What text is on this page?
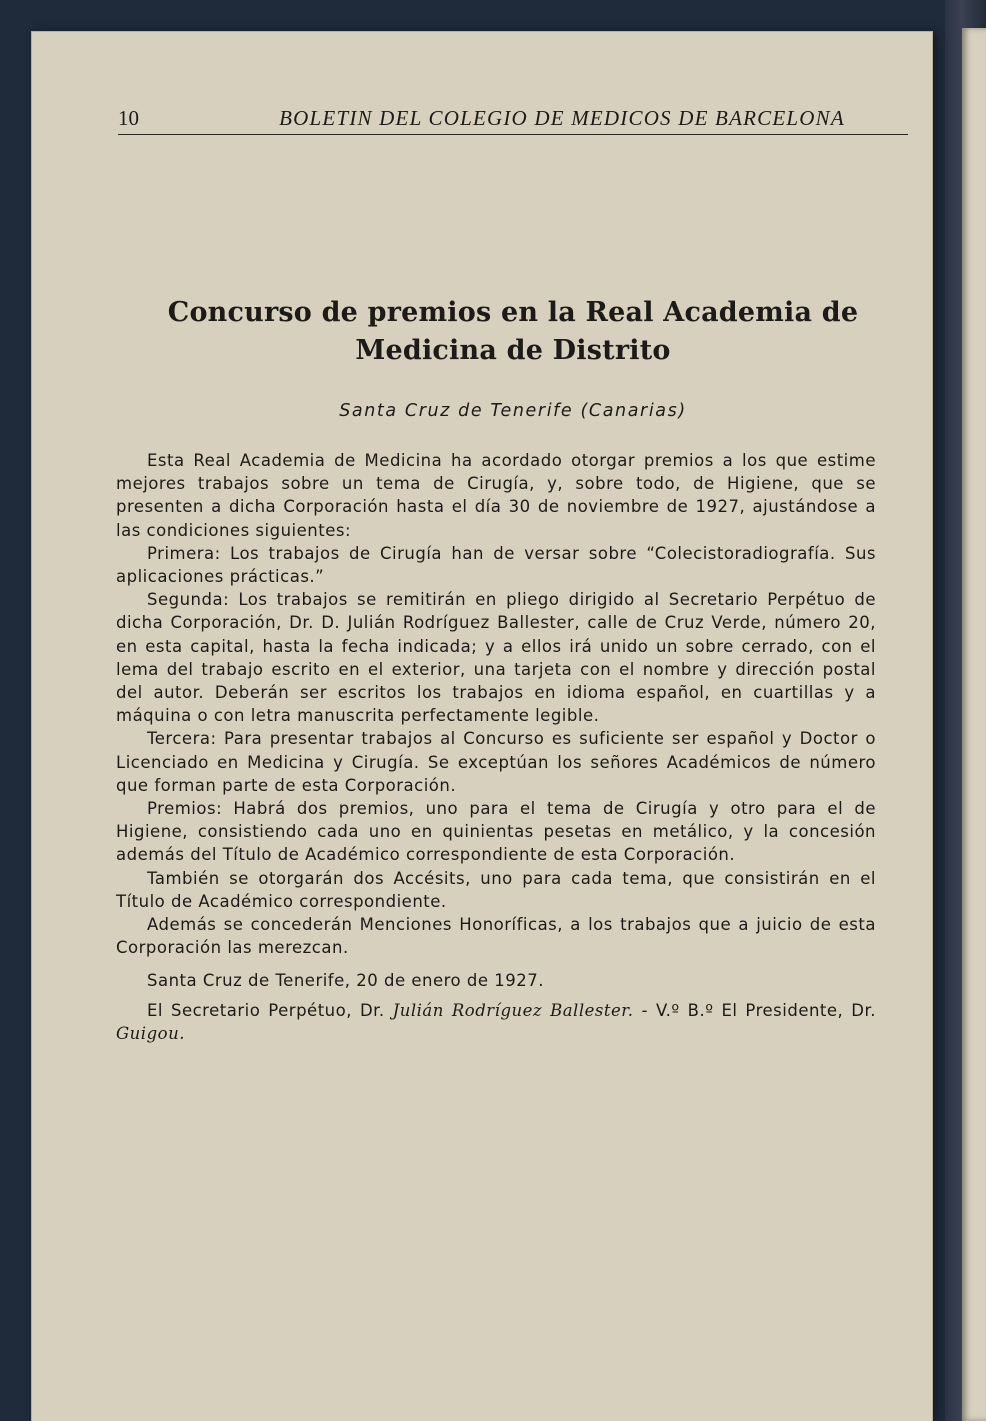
10	BOLETIN DEL COLEGIO DE MEDICOS DE BARCELONA
Concurso de premios en la Real Academia de
Medicina de Distrito
Santa Cruz de Tenerife (Canarias)

Esta Real Academia de Medicina ha acordado otorgar premios a los que estime mejores trabajos sobre un tema de Cirugía, y, sobre todo, de Higiene, que se presenten a dicha Corporación hasta el día 30 de noviembre de 1927, ajustándose a las condiciones siguientes:

Primera: Los trabajos de Cirugía han de versar sobre “Colecistoradiografía. Sus aplicaciones prácticas.”

Segunda: Los trabajos se remitirán en pliego dirigido al Secretario Perpétuo de dicha Corporación, Dr. D. Julián Rodríguez Ballester, calle de Cruz Verde, número 20, en esta capital, hasta la fecha indicada; y a ellos irá unido un sobre cerrado, con el lema del trabajo escrito en el exterior, una tarjeta con el nombre y dirección postal del autor. Deberán ser escritos los trabajos en idioma español, en cuartillas y a máquina o con letra manuscrita perfectamente legible.

Tercera: Para presentar trabajos al Concurso es suficiente ser español y Doctor o Licenciado en Medicina y Cirugía. Se exceptúan los señores Académicos de número que forman parte de esta Corporación.

Premios: Habrá dos premios, uno para el tema de Cirugía y otro para el de Higiene, consistiendo cada uno en quinientas pesetas en metálico, y la concesión además del Título de Académico correspondiente de esta Corporación.

También se otorgarán dos Accésits, uno para cada tema, que consistirán en el Título de Académico correspondiente.

Además se concederán Menciones Honoríficas, a los trabajos que a juicio de esta Corporación las merezcan.

Santa Cruz de Tenerife, 20 de enero de 1927.

El Secretario Perpétuo, Dr. Julián Rodríguez Ballester. - V.º B.º El Presidente, Dr. Guigou.
